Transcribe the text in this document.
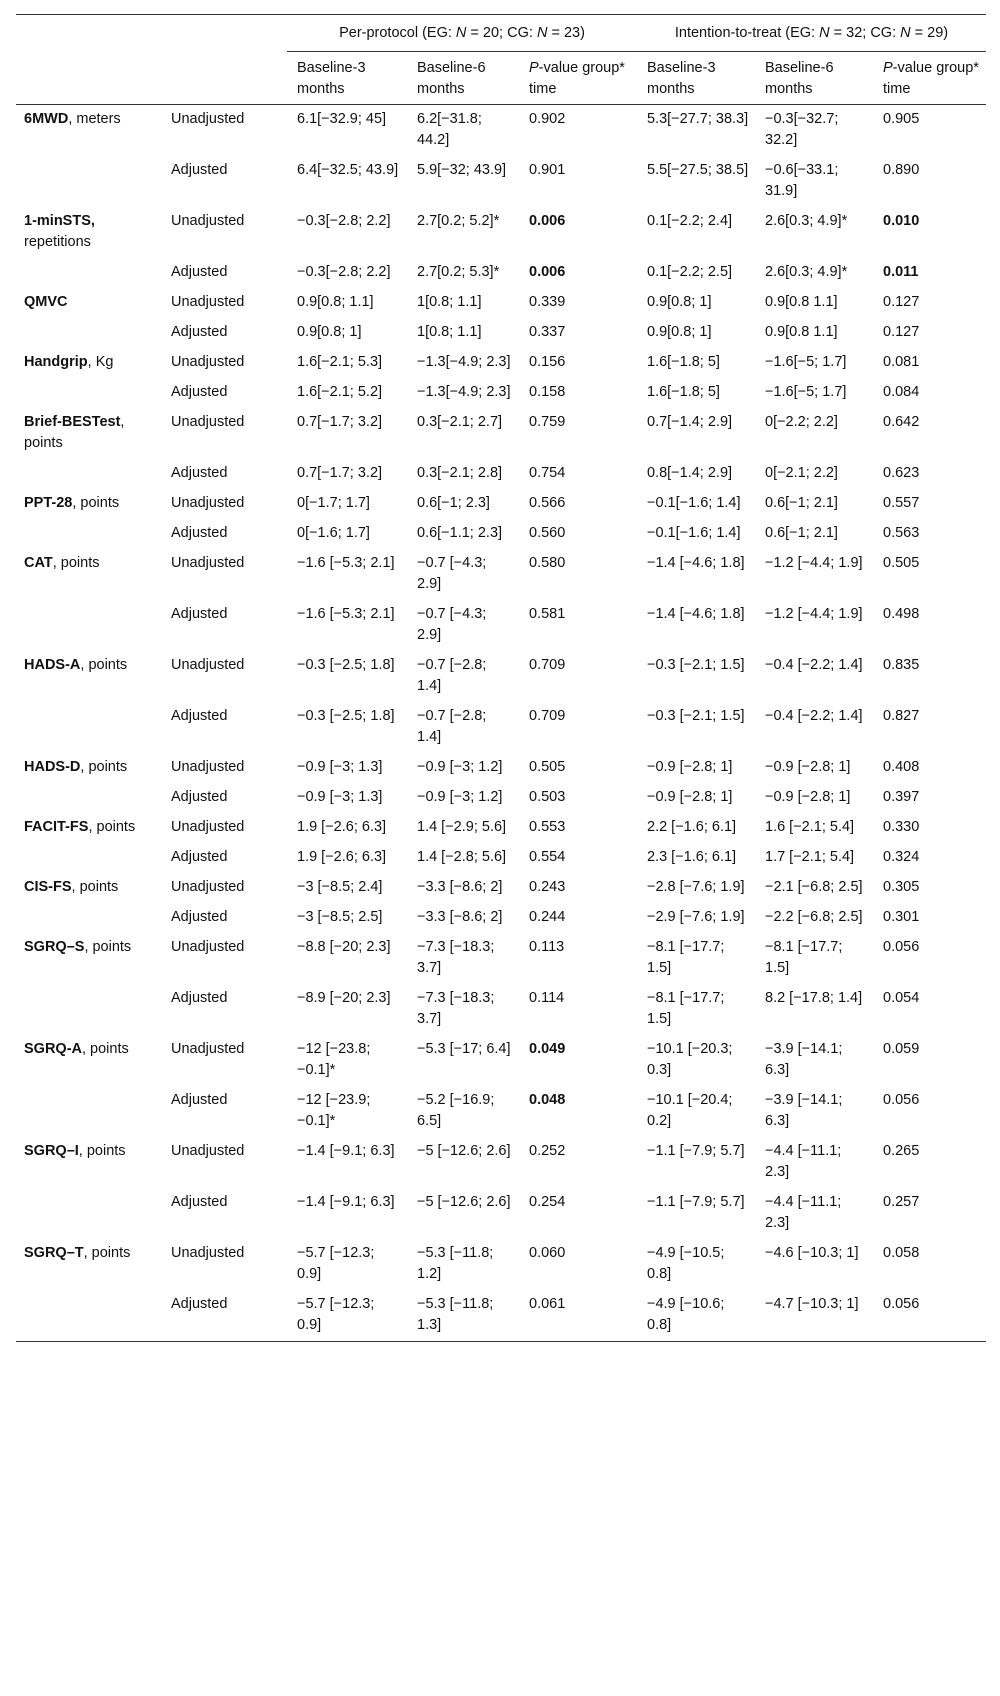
		Per-protocol (EG: N = 20; CG: N = 23)			Intention-to-treat (EG: N = 32; CG: N = 29)		
		Baseline-3 months	Baseline-6 months	P-value group* time	Baseline-3 months	Baseline-6 months	P-value group* time
6MWD, meters	Unadjusted	6.1[−32.9; 45]	6.2[−31.8; 44.2]	0.902	5.3[−27.7; 38.3]	−0.3[−32.7; 32.2]	0.905
	Adjusted	6.4[−32.5; 43.9]	5.9[−32; 43.9]	0.901	5.5[−27.5; 38.5]	−0.6[−33.1; 31.9]	0.890
1-minSTS, repetitions	Unadjusted	−0.3[−2.8; 2.2]	2.7[0.2; 5.2]*	0.006	0.1[−2.2; 2.4]	2.6[0.3; 4.9]*	0.010
	Adjusted	−0.3[−2.8; 2.2]	2.7[0.2; 5.3]*	0.006	0.1[−2.2; 2.5]	2.6[0.3; 4.9]*	0.011
QMVC	Unadjusted	0.9[0.8; 1.1]	1[0.8; 1.1]	0.339	0.9[0.8; 1]	0.9[0.8 1.1]	0.127
	Adjusted	0.9[0.8; 1]	1[0.8; 1.1]	0.337	0.9[0.8; 1]	0.9[0.8 1.1]	0.127
Handgrip, Kg	Unadjusted	1.6[−2.1; 5.3]	−1.3[−4.9; 2.3]	0.156	1.6[−1.8; 5]	−1.6[−5; 1.7]	0.081
	Adjusted	1.6[−2.1; 5.2]	−1.3[−4.9; 2.3]	0.158	1.6[−1.8; 5]	−1.6[−5; 1.7]	0.084
Brief-BESTest, points	Unadjusted	0.7[−1.7; 3.2]	0.3[−2.1; 2.7]	0.759	0.7[−1.4; 2.9]	0[−2.2; 2.2]	0.642
	Adjusted	0.7[−1.7; 3.2]	0.3[−2.1; 2.8]	0.754	0.8[−1.4; 2.9]	0[−2.1; 2.2]	0.623
PPT-28, points	Unadjusted	0[−1.7; 1.7]	0.6[−1; 2.3]	0.566	−0.1[−1.6; 1.4]	0.6[−1; 2.1]	0.557
	Adjusted	0[−1.6; 1.7]	0.6[−1.1; 2.3]	0.560	−0.1[−1.6; 1.4]	0.6[−1; 2.1]	0.563
CAT, points	Unadjusted	−1.6 [−5.3; 2.1]	−0.7 [−4.3; 2.9]	0.580	−1.4 [−4.6; 1.8]	−1.2 [−4.4; 1.9]	0.505
	Adjusted	−1.6 [−5.3; 2.1]	−0.7 [−4.3; 2.9]	0.581	−1.4 [−4.6; 1.8]	−1.2 [−4.4; 1.9]	0.498
HADS-A, points	Unadjusted	−0.3 [−2.5; 1.8]	−0.7 [−2.8; 1.4]	0.709	−0.3 [−2.1; 1.5]	−0.4 [−2.2; 1.4]	0.835
	Adjusted	−0.3 [−2.5; 1.8]	−0.7 [−2.8; 1.4]	0.709	−0.3 [−2.1; 1.5]	−0.4 [−2.2; 1.4]	0.827
HADS-D, points	Unadjusted	−0.9 [−3; 1.3]	−0.9 [−3; 1.2]	0.505	−0.9 [−2.8; 1]	−0.9 [−2.8; 1]	0.408
	Adjusted	−0.9 [−3; 1.3]	−0.9 [−3; 1.2]	0.503	−0.9 [−2.8; 1]	−0.9 [−2.8; 1]	0.397
FACIT-FS, points	Unadjusted	1.9 [−2.6; 6.3]	1.4 [−2.9; 5.6]	0.553	2.2 [−1.6; 6.1]	1.6 [−2.1; 5.4]	0.330
	Adjusted	1.9 [−2.6; 6.3]	1.4 [−2.8; 5.6]	0.554	2.3 [−1.6; 6.1]	1.7 [−2.1; 5.4]	0.324
CIS-FS, points	Unadjusted	−3 [−8.5; 2.4]	−3.3 [−8.6; 2]	0.243	−2.8 [−7.6; 1.9]	−2.1 [−6.8; 2.5]	0.305
	Adjusted	−3 [−8.5; 2.5]	−3.3 [−8.6; 2]	0.244	−2.9 [−7.6; 1.9]	−2.2 [−6.8; 2.5]	0.301
SGRQ–S, points	Unadjusted	−8.8 [−20; 2.3]	−7.3 [−18.3; 3.7]	0.113	−8.1 [−17.7; 1.5]	−8.1 [−17.7; 1.5]	0.056
	Adjusted	−8.9 [−20; 2.3]	−7.3 [−18.3; 3.7]	0.114	−8.1 [−17.7; 1.5]	8.2 [−17.8; 1.4]	0.054
SGRQ-A, points	Unadjusted	−12 [−23.8; −0.1]*	−5.3 [−17; 6.4]	0.049	−10.1 [−20.3; 0.3]	−3.9 [−14.1; 6.3]	0.059
	Adjusted	−12 [−23.9; −0.1]*	−5.2 [−16.9; 6.5]	0.048	−10.1 [−20.4; 0.2]	−3.9 [−14.1; 6.3]	0.056
SGRQ–I, points	Unadjusted	−1.4 [−9.1; 6.3]	−5 [−12.6; 2.6]	0.252	−1.1 [−7.9; 5.7]	−4.4 [−11.1; 2.3]	0.265
	Adjusted	−1.4 [−9.1; 6.3]	−5 [−12.6; 2.6]	0.254	−1.1 [−7.9; 5.7]	−4.4 [−11.1; 2.3]	0.257
SGRQ–T, points	Unadjusted	−5.7 [−12.3; 0.9]	−5.3 [−11.8; 1.2]	0.060	−4.9 [−10.5; 0.8]	−4.6 [−10.3; 1]	0.058
	Adjusted	−5.7 [−12.3; 0.9]	−5.3 [−11.8; 1.3]	0.061	−4.9 [−10.6; 0.8]	−4.7 [−10.3; 1]	0.056
